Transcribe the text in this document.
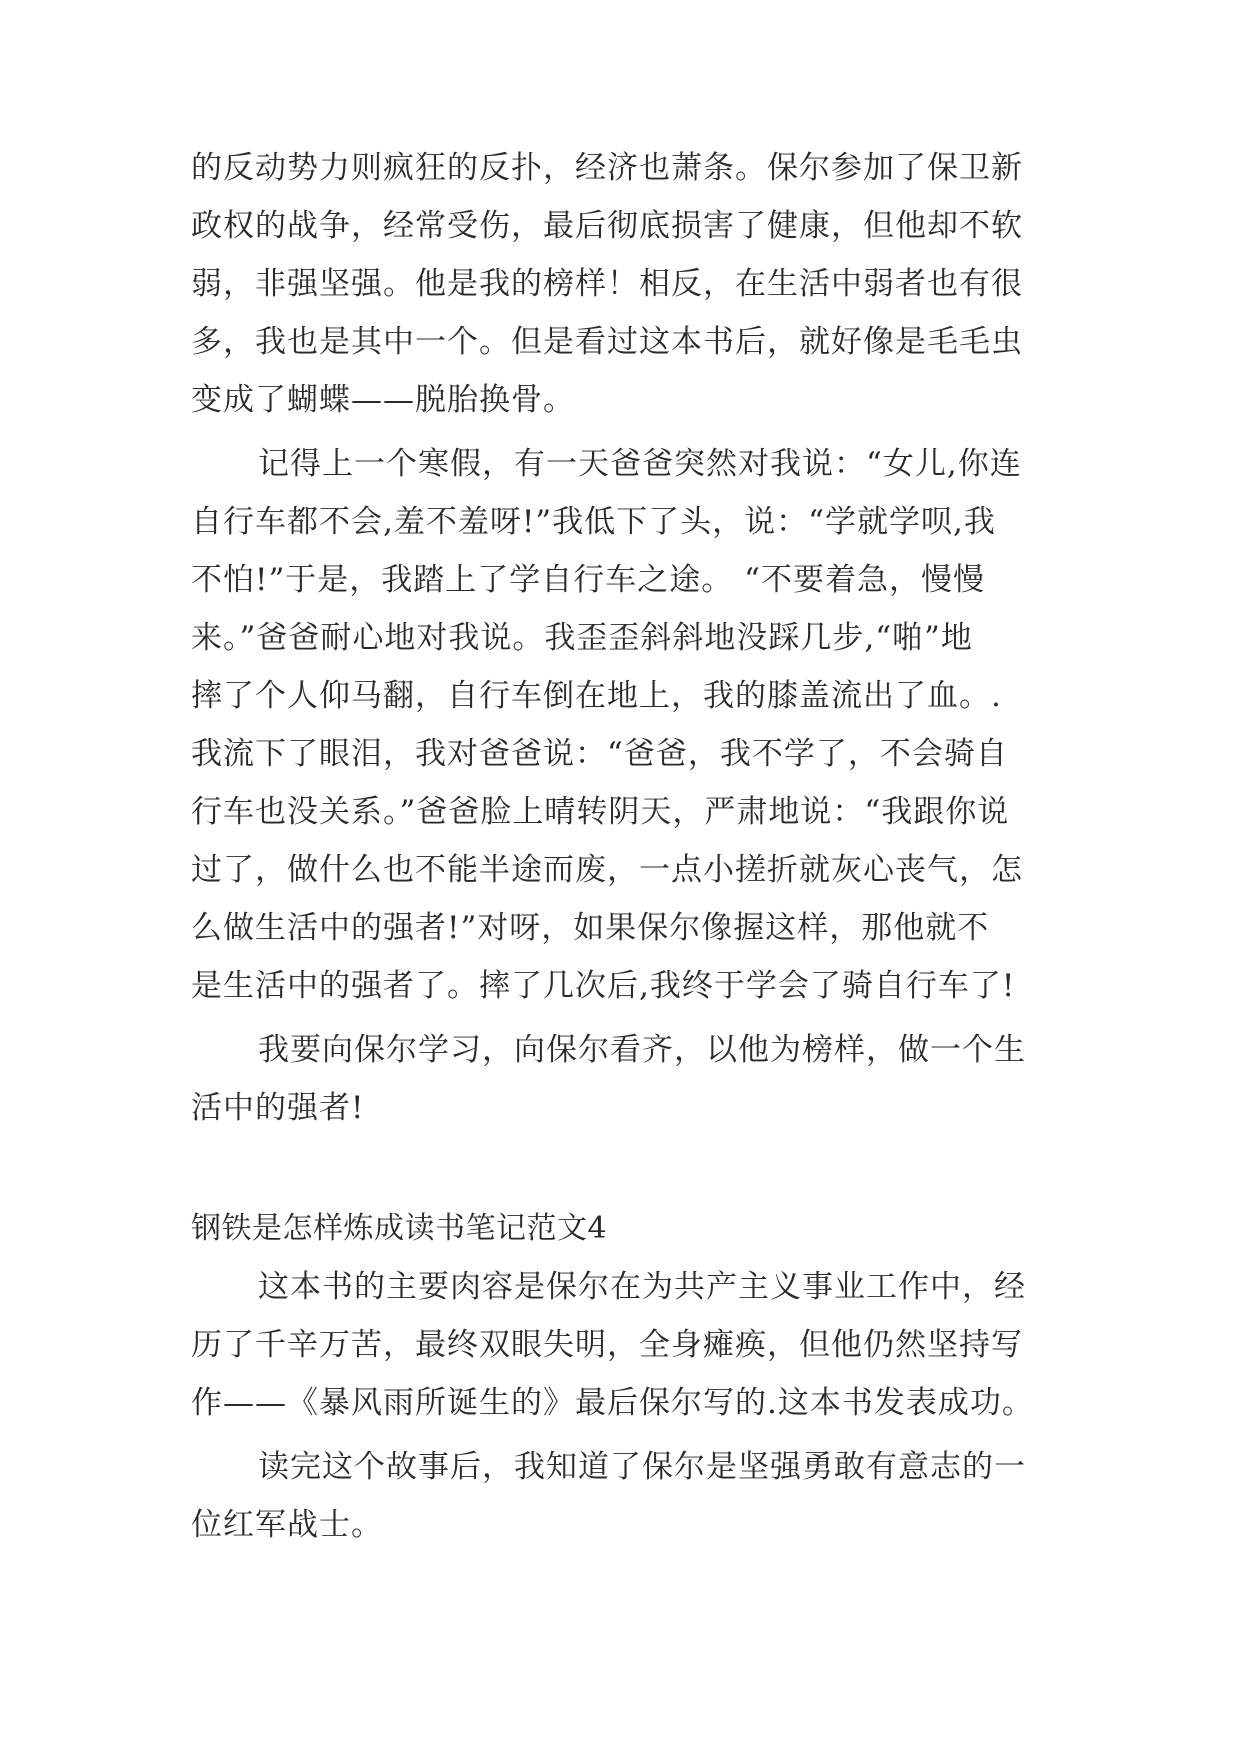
的反动势力则疯狂的反扑，经济也萧条。保尔参加了保卫新
政权的战争，经常受伤，最后彻底损害了健康，但他却不软
弱，非强坚强。他是我的榜样！相反，在生活中弱者也有很
多，我也是其中一个。但是看过这本书后，就好像是毛毛虫
变成了蝴蝶——脱胎换骨。
记得上一个寒假，有一天爸爸突然对我说：“女儿,你连
自行车都不会,羞不羞呀!”我低下了头，说：“学就学呗,我
不怕!”于是，我踏上了学自行车之途。 “不要着急，慢慢
来。”爸爸耐心地对我说。我歪歪斜斜地没踩几步,“啪”地
摔了个人仰马翻，自行车倒在地上，我的膝盖流出了血。.
我流下了眼泪，我对爸爸说：“爸爸，我不学了，不会骑自
行车也没关系。”爸爸脸上晴转阴天，严肃地说：“我跟你说
过了，做什么也不能半途而废，一点小搓折就灰心丧气，怎
么做生活中的强者!”对呀，如果保尔像握这样，那他就不
是生活中的强者了。摔了几次后,我终于学会了骑自行车了!
我要向保尔学习，向保尔看齐，以他为榜样，做一个生
活中的强者!
钢铁是怎样炼成读书笔记范文4
这本书的主要肉容是保尔在为共产主义事业工作中，经
历了千辛万苦，最终双眼失明，全身瘫痪，但他仍然坚持写
作——《暴风雨所诞生的》最后保尔写的.这本书发表成功。
读完这个故事后，我知道了保尔是坚强勇敢有意志的一
位红军战士。
